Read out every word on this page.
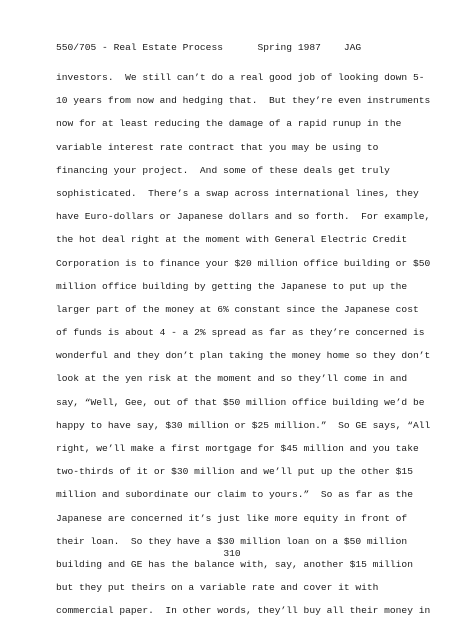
550/705 - Real Estate Process	Spring 1987 JAG
investors.  We still can’t do a real good job of looking down 5-
10 years from now and hedging that.  But they’re even instruments
now for at least reducing the damage of a rapid runup in the
variable interest rate contract that you may be using to
financing your project.  And some of these deals get truly
sophisticated.  There’s a swap across international lines, they
have Euro-dollars or Japanese dollars and so forth.  For example,
the hot deal right at the moment with General Electric Credit
Corporation is to finance your $20 million office building or $50
million office building by getting the Japanese to put up the
larger part of the money at 6% constant since the Japanese cost
of funds is about 4 - a 2% spread as far as they’re concerned is
wonderful and they don’t plan taking the money home so they don’t
look at the yen risk at the moment and so they’ll come in and
say, “Well, Gee, out of that $50 million office building we’d be
happy to have say, $30 million or $25 million.”  So GE says, “All
right, we’ll make a first mortgage for $45 million and you take
two-thirds of it or $30 million and we’ll put up the other $15
million and subordinate our claim to yours.”  So as far as the
Japanese are concerned it’s just like more equity in front of
their loan.  So they have a $30 million loan on a $50 million
building and GE has the balance with, say, another $15 million
but they put theirs on a variable rate and cover it with
commercial paper.  In other words, they’ll buy all their money in
310
